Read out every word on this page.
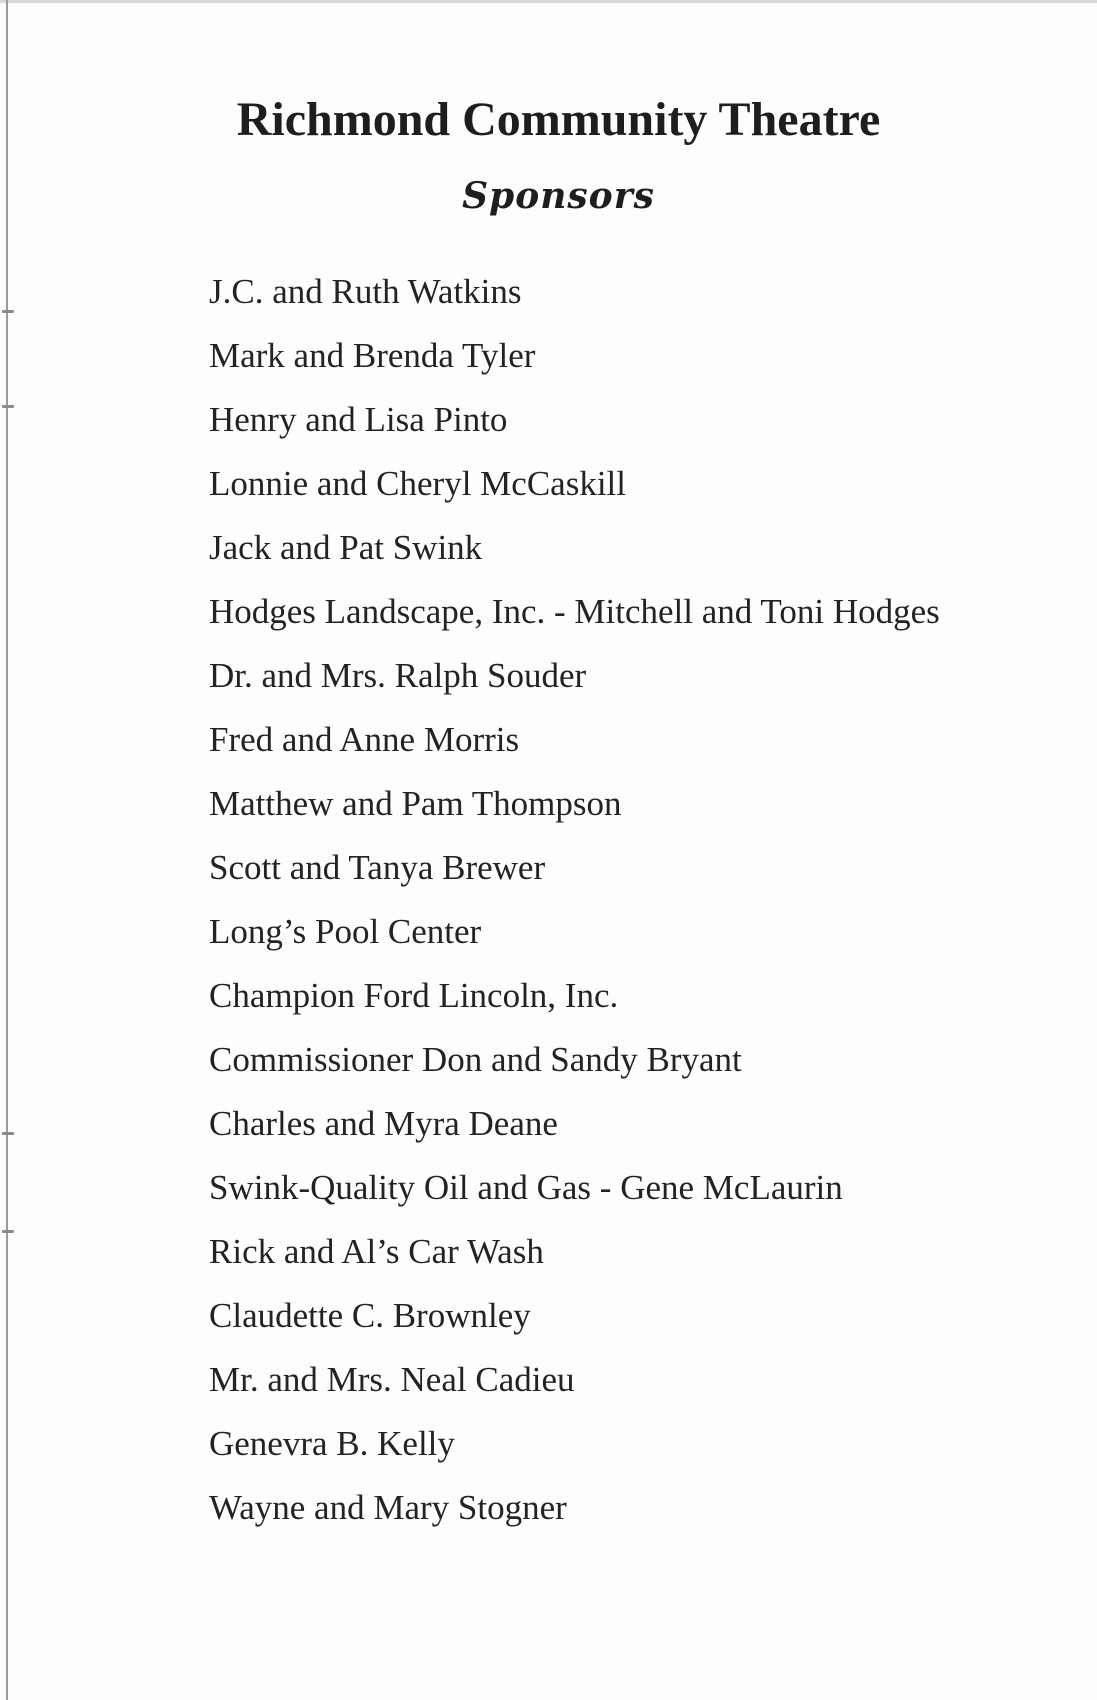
Richmond Community Theatre
Sponsors
J.C. and Ruth Watkins
Mark and Brenda Tyler
Henry and Lisa Pinto
Lonnie and Cheryl McCaskill
Jack and Pat Swink
Hodges Landscape, Inc. - Mitchell and Toni Hodges
Dr. and Mrs. Ralph Souder
Fred and Anne Morris
Matthew and Pam Thompson
Scott and Tanya Brewer
Long’s Pool Center
Champion Ford Lincoln, Inc.
Commissioner Don and Sandy Bryant
Charles and Myra Deane
Swink-Quality Oil and Gas - Gene McLaurin
Rick and Al’s Car Wash
Claudette C. Brownley
Mr. and Mrs. Neal Cadieu
Genevra B. Kelly
Wayne and Mary Stogner
